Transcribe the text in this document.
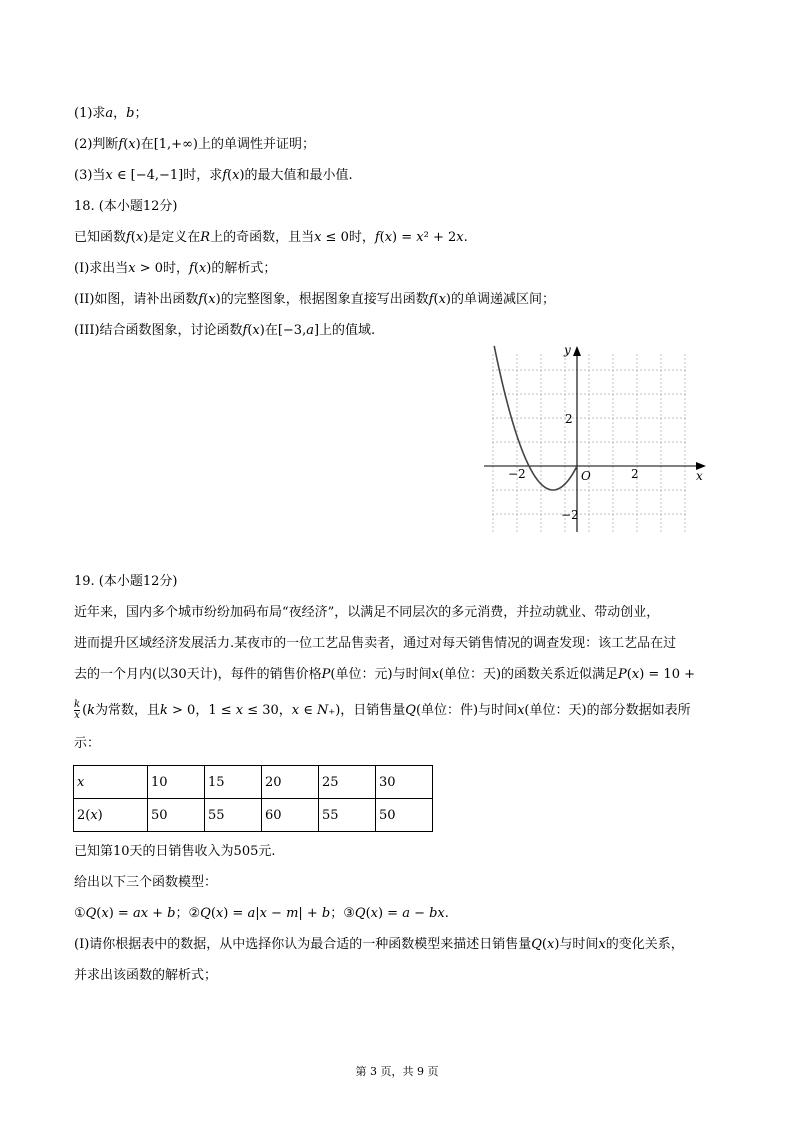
(1)求𝑎，𝑏；
(2)判断𝑓(𝑥)在[1,+∞)上的单调性并证明；
(3)当𝑥 ∈ [−4,−1]时，求𝑓(𝑥)的最大值和最小值.
18. (本小题12分)
已知函数𝑓(𝑥)是定义在𝑅上的奇函数，且当𝑥 ≤ 0时，𝑓(𝑥) = 𝑥² + 2𝑥.
(I)求出当𝑥 > 0时，𝑓(𝑥)的解析式；
(II)如图，请补出函数𝑓(𝑥)的完整图象，根据图象直接写出函数𝑓(𝑥)的单调递减区间；
(III)结合函数图象，讨论函数𝑓(𝑥)在[−3,𝑎]上的值域.
y
x
O
−2	2
2
−2
19. (本小题12分)
近年来，国内多个城市纷纷加码布局“夜经济”，以满足不同层次的多元消费，并拉动就业、带动创业，
进而提升区域经济发展活力.某夜市的一位工艺品售卖者，通过对每天销售情况的调查发现：该工艺品在过
去的一个月内(以30天计)，每件的销售价格𝑃(单位：元)与时间𝑥(单位：天)的函数关系近似满足𝑃(𝑥) = 10 +
$\frac{\text{𝑘}}{\text{𝑥}}$ (𝑘为常数，且𝑘 > 0，1 ≤ 𝑥 ≤ 30，𝑥 ∈ 𝑁₊)，日销售量𝑄(单位：件)与时间𝑥(单位：天)的部分数据如表所
示：
𝑥	10	15	20	25	30
2(𝑥)	50	55	60	55	50
已知第10天的日销售收入为505元.
给出以下三个函数模型：
①𝑄(𝑥) = 𝑎𝑥 + 𝑏；②𝑄(𝑥) = 𝑎|𝑥 − 𝑚| + 𝑏；③𝑄(𝑥) = 𝑎 − 𝑏𝑥.
(I)请你根据表中的数据，从中选择你认为最合适的一种函数模型来描述日销售量𝑄(𝑥)与时间𝑥的变化关系，
并求出该函数的解析式；
第 3 页，共 9 页
